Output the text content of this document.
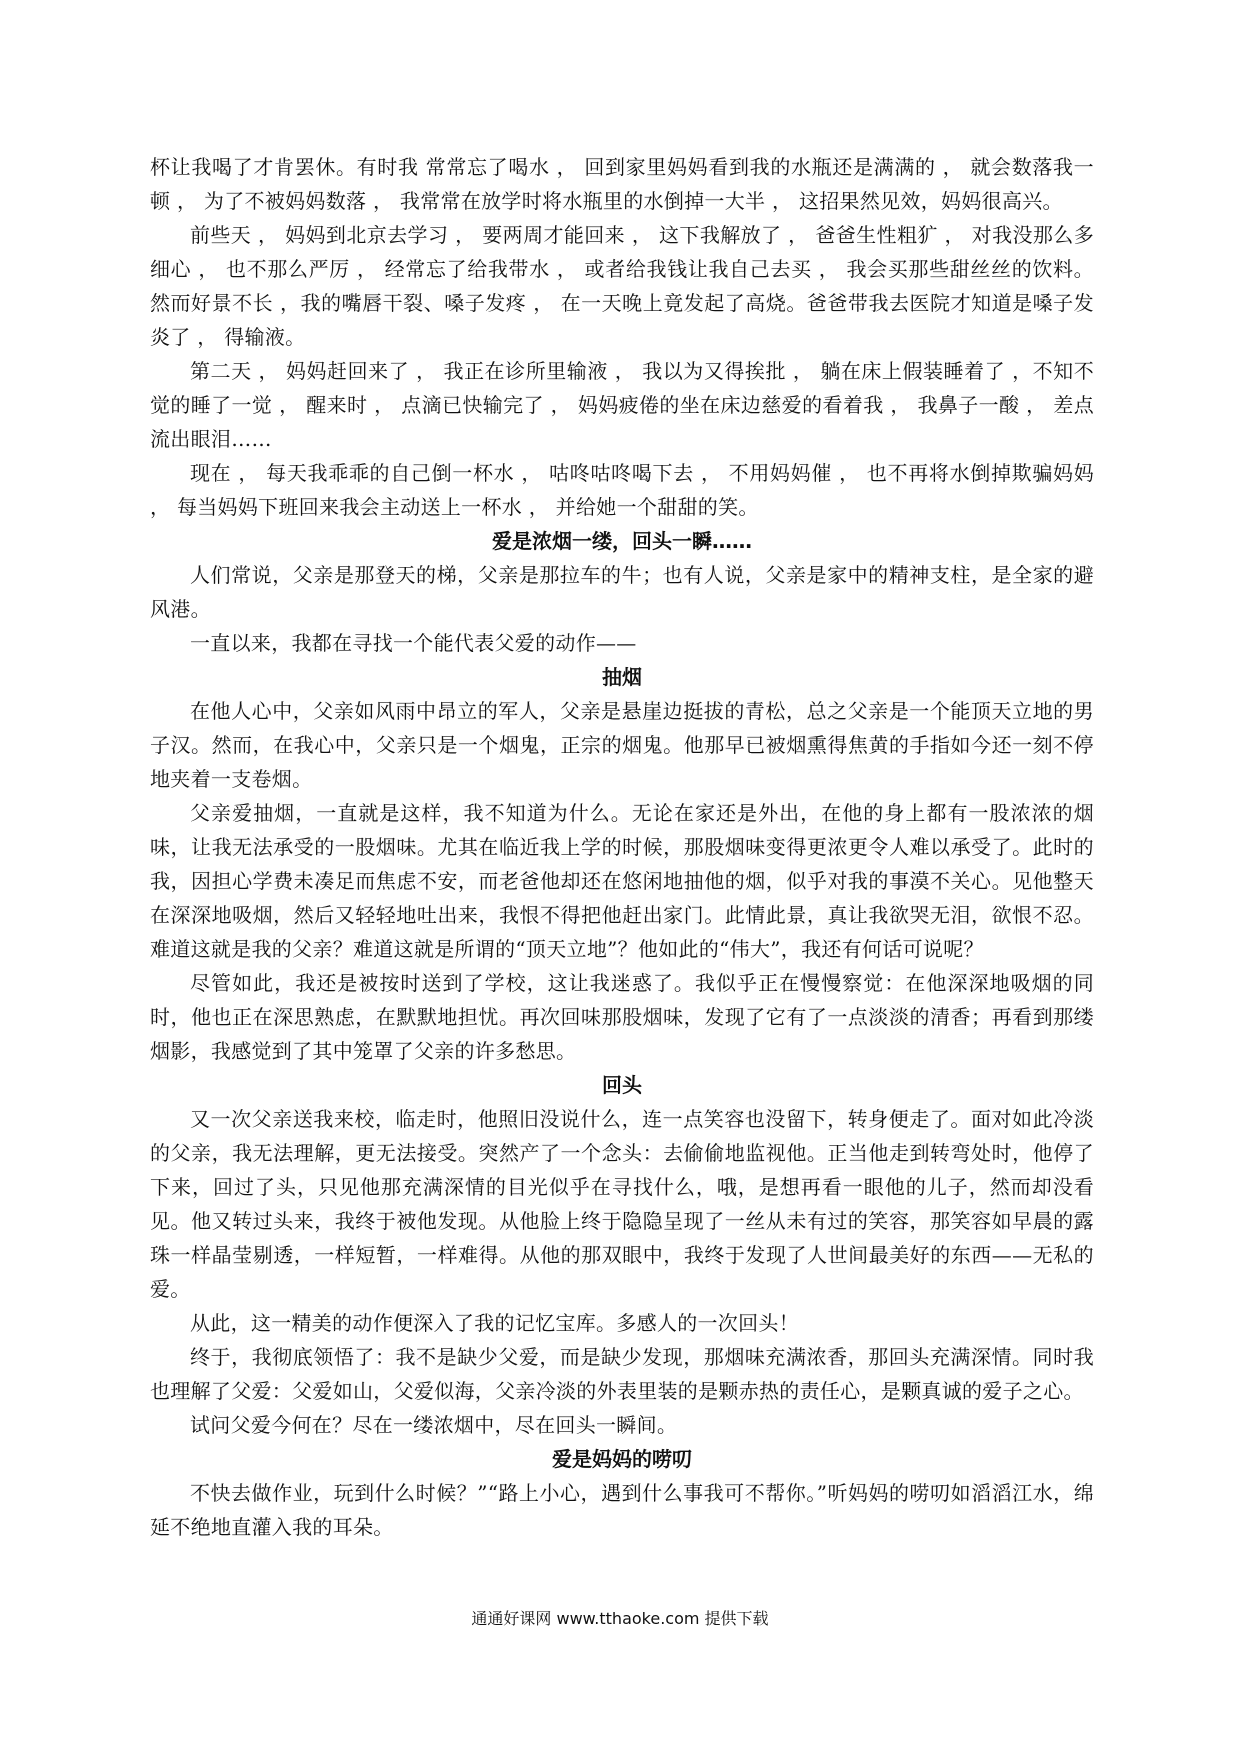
杯让我喝了才肯罢休。有时我 常常忘了喝水 ， 回到家里妈妈看到我的水瓶还是满满的 ， 就会数落我一顿 ， 为了不被妈妈数落 ， 我常常在放学时将水瓶里的水倒掉一大半 ， 这招果然见效，妈妈很高兴。

前些天 ， 妈妈到北京去学习 ， 要两周才能回来 ， 这下我解放了 ， 爸爸生性粗犷 ， 对我没那么多细心 ， 也不那么严厉 ， 经常忘了给我带水 ， 或者给我钱让我自己去买 ， 我会买那些甜丝丝的饮料。然而好景不长 ，我的嘴唇干裂、嗓子发疼 ， 在一天晚上竟发起了高烧。爸爸带我去医院才知道是嗓子发炎了 ， 得输液。

第二天 ， 妈妈赶回来了 ， 我正在诊所里输液 ， 我以为又得挨批 ， 躺在床上假装睡着了 ，不知不觉的睡了一觉 ， 醒来时 ， 点滴已快输完了 ， 妈妈疲倦的坐在床边慈爱的看着我 ， 我鼻子一酸 ， 差点流出眼泪……

现在 ， 每天我乖乖的自己倒一杯水 ， 咕咚咕咚喝下去 ， 不用妈妈催 ， 也不再将水倒掉欺骗妈妈 ， 每当妈妈下班回来我会主动送上一杯水 ， 并给她一个甜甜的笑。

爱是浓烟一缕，回头一瞬……

人们常说，父亲是那登天的梯，父亲是那拉车的牛；也有人说，父亲是家中的精神支柱，是全家的避风港。

一直以来，我都在寻找一个能代表父爱的动作——

抽烟

在他人心中，父亲如风雨中昂立的军人，父亲是悬崖边挺拔的青松，总之父亲是一个能顶天立地的男子汉。然而，在我心中，父亲只是一个烟鬼，正宗的烟鬼。他那早已被烟熏得焦黄的手指如今还一刻不停地夹着一支卷烟。

父亲爱抽烟，一直就是这样，我不知道为什么。无论在家还是外出，在他的身上都有一股浓浓的烟味，让我无法承受的一股烟味。尤其在临近我上学的时候，那股烟味变得更浓更令人难以承受了。此时的我，因担心学费未凑足而焦虑不安，而老爸他却还在悠闲地抽他的烟，似乎对我的事漠不关心。见他整天在深深地吸烟，然后又轻轻地吐出来，我恨不得把他赶出家门。此情此景，真让我欲哭无泪，欲恨不忍。难道这就是我的父亲？难道这就是所谓的“顶天立地”？他如此的“伟大”，我还有何话可说呢？

尽管如此，我还是被按时送到了学校，这让我迷惑了。我似乎正在慢慢察觉：在他深深地吸烟的同时，他也正在深思熟虑，在默默地担忧。再次回味那股烟味，发现了它有了一点淡淡的清香；再看到那缕烟影，我感觉到了其中笼罩了父亲的许多愁思。

回头

又一次父亲送我来校，临走时，他照旧没说什么，连一点笑容也没留下，转身便走了。面对如此冷淡的父亲，我无法理解，更无法接受。突然产了一个念头：去偷偷地监视他。正当他走到转弯处时，他停了下来，回过了头，只见他那充满深情的目光似乎在寻找什么，哦，是想再看一眼他的儿子，然而却没看见。他又转过头来，我终于被他发现。从他脸上终于隐隐呈现了一丝从未有过的笑容，那笑容如早晨的露珠一样晶莹剔透，一样短暂，一样难得。从他的那双眼中，我终于发现了人世间最美好的东西——无私的爱。

从此，这一精美的动作便深入了我的记忆宝库。多感人的一次回头！

终于，我彻底领悟了：我不是缺少父爱，而是缺少发现，那烟味充满浓香，那回头充满深情。同时我也理解了父爱：父爱如山，父爱似海，父亲冷淡的外表里装的是颗赤热的责任心，是颗真诚的爱子之心。

试问父爱今何在？尽在一缕浓烟中，尽在回头一瞬间。

爱是妈妈的唠叨

不快去做作业，玩到什么时候？”“路上小心，遇到什么事我可不帮你。”听妈妈的唠叨如滔滔江水，绵延不绝地直灌入我的耳朵。

通通好课网 www.tthaoke.com 提供下载
